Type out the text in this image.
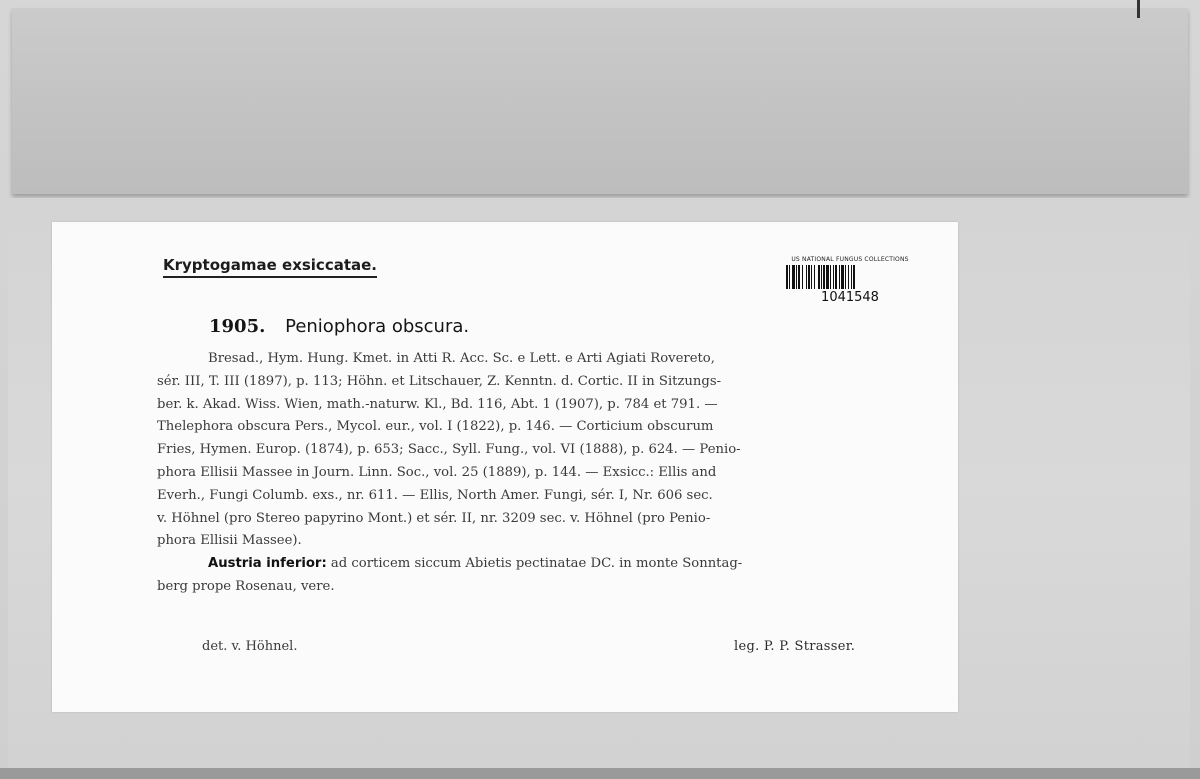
Kryptogamae exsiccatae.	US NATIONAL FUNGUS COLLECTIONS
1041548
1905. Peniophora obscura.
Bresad., Hym. Hung. Kmet. in Atti R. Acc. Sc. e Lett. e Arti Agiati Rovereto,
sér. III, T. III (1897), p. 113; Höhn. et Litschauer, Z. Kenntn. d. Cortic. II in Sitzungs-
ber. k. Akad. Wiss. Wien, math.-naturw. Kl., Bd. 116, Abt. 1 (1907), p. 784 et 791. —
Thelephora obscura Pers., Mycol. eur., vol. I (1822), p. 146. — Corticium obscurum
Fries, Hymen. Europ. (1874), p. 653; Sacc., Syll. Fung., vol. VI (1888), p. 624. — Penio-
phora Ellisii Massee in Journ. Linn. Soc., vol. 25 (1889), p. 144. — Exsicc.: Ellis and
Everh., Fungi Columb. exs., nr. 611. — Ellis, North Amer. Fungi, sér. I, Nr. 606 sec.
v. Höhnel (pro Stereo papyrino Mont.) et sér. II, nr. 3209 sec. v. Höhnel (pro Penio-
phora Ellisii Massee).
Austria inferior: ad corticem siccum Abietis pectinatae DC. in monte Sonntag-
berg prope Rosenau, vere.
det. v. Höhnel.	leg. P. P. Strasser.
